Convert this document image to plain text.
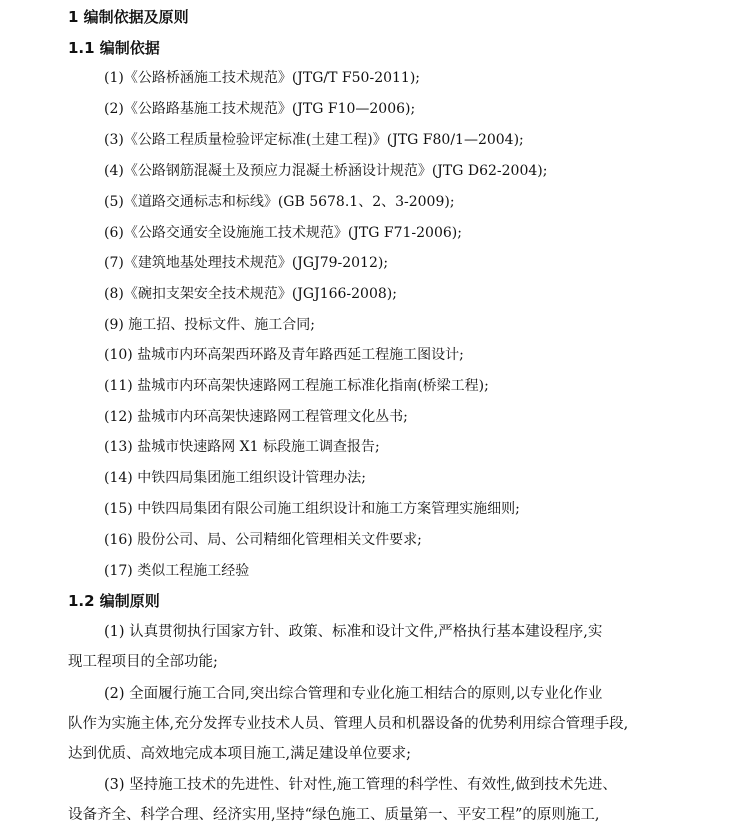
1 编制依据及原则
1.1 编制依据
(1)《公路桥涵施工技术规范》(JTG/T F50-2011);
(2)《公路路基施工技术规范》(JTG F10—2006);
(3)《公路工程质量检验评定标准(土建工程)》(JTG F80/1—2004);
(4)《公路钢筋混凝土及预应力混凝土桥涵设计规范》(JTG D62-2004);
(5)《道路交通标志和标线》(GB 5678.1、2、3-2009);
(6)《公路交通安全设施施工技术规范》(JTG F71-2006);
(7)《建筑地基处理技术规范》(JGJ79-2012);
(8)《碗扣支架安全技术规范》(JGJ166-2008);
(9) 施工招、投标文件、施工合同;
(10) 盐城市内环高架西环路及青年路西延工程施工图设计;
(11) 盐城市内环高架快速路网工程施工标准化指南(桥梁工程);
(12) 盐城市内环高架快速路网工程管理文化丛书;
(13) 盐城市快速路网 X1 标段施工调查报告;
(14) 中铁四局集团施工组织设计管理办法;
(15) 中铁四局集团有限公司施工组织设计和施工方案管理实施细则;
(16) 股份公司、局、公司精细化管理相关文件要求;
(17) 类似工程施工经验
1.2 编制原则
(1) 认真贯彻执行国家方针、政策、标准和设计文件,严格执行基本建设程序,实
现工程项目的全部功能;
(2) 全面履行施工合同,突出综合管理和专业化施工相结合的原则,以专业化作业
队作为实施主体,充分发挥专业技术人员、管理人员和机器设备的优势利用综合管理手段,
达到优质、高效地完成本项目施工,满足建设单位要求;
(3) 坚持施工技术的先进性、针对性,施工管理的科学性、有效性,做到技术先进、
设备齐全、科学合理、经济实用,坚持“绿色施工、质量第一、平安工程”的原则施工,
